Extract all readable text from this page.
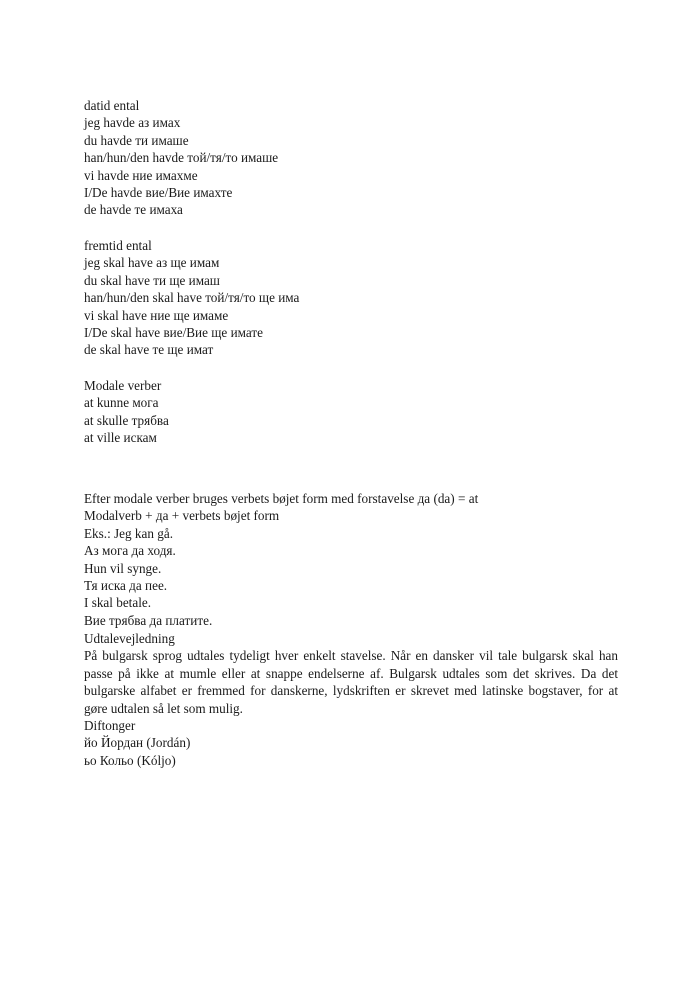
datid ental
jeg havde аз имах
du havde ти имаше
han/hun/den havde той/тя/то имаше
vi havde ние имахме
I/De havde вие/Вие имахте
de havde те имаха
fremtid ental
jeg skal have аз ще имам
du skal have ти ще имаш
han/hun/den skal have той/тя/то ще има
vi skal have ние ще имаме
I/De skal have вие/Вие ще имате
de skal have те ще имат
Modale verber
at kunne мога
at skulle трябва
at ville искам
Efter modale verber bruges verbets bøjet form med forstavelse да (da) = at
Modalverb + да + verbets bøjet form
Eks.: Jeg kan gå.
Аз мога да ходя.
Hun vil synge.
Тя иска да пее.
I skal betale.
Вие трябва да платите.
Udtalevejledning
På bulgarsk sprog udtales tydeligt hver enkelt stavelse. Når en dansker vil tale bulgarsk skal han passe på ikke at mumle eller at snappe endelserne af. Bulgarsk udtales som det skrives. Da det bulgarske alfabet er fremmed for danskerne, lydskriften er skrevet med latinske bogstaver, for at gøre udtalen så let som mulig.
Diftonger
йо Йордан (Jordán)
ьо Кольо (Kóljo)
